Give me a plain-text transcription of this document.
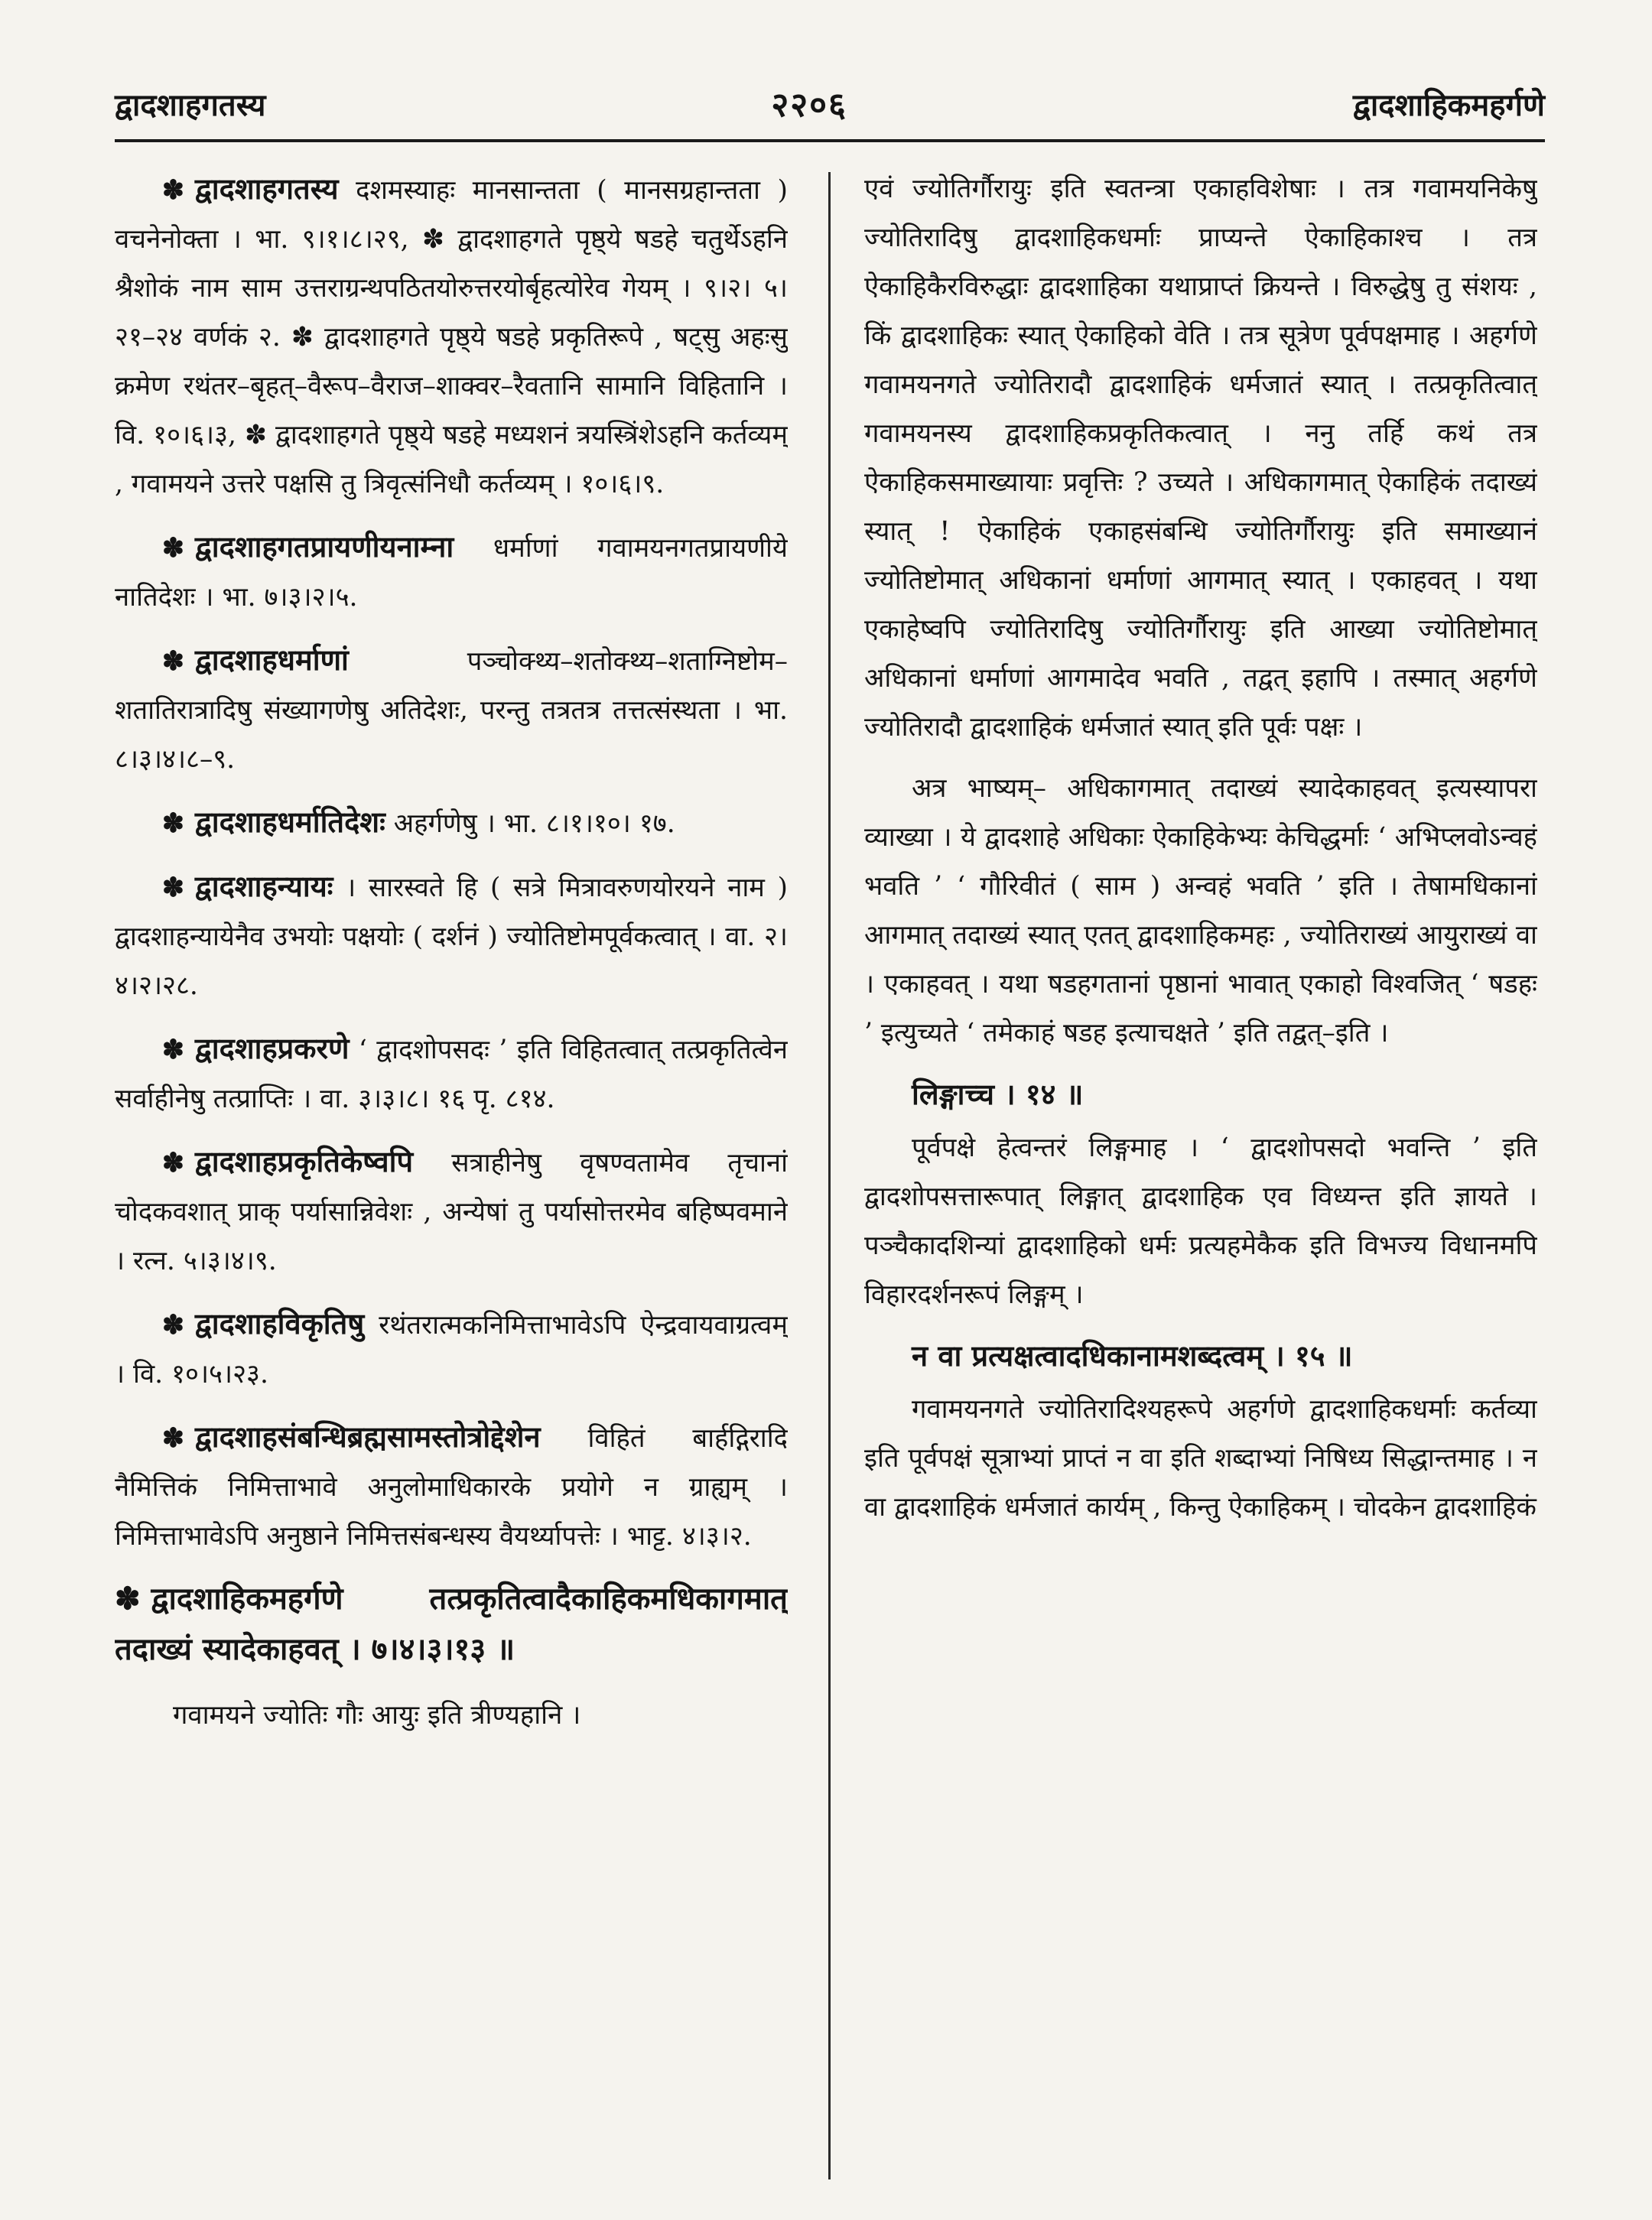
द्वादशाहगतस्य	२२०६	द्वादशाहिकमहर्गणे

✽ द्वादशाहगतस्य दशमस्याहः मानसान्तता ( मानसग्रहान्तता ) वचनेनोक्ता । भा. ९।१।८।२९, ✽ द्वादशाहगते पृष्ठ्ये षडहे चतुर्थेऽहनि श्रैशोकं नाम साम उत्तराग्रन्थपठितयोरुत्तरयोर्बृहत्योरेव गेयम् । ९।२। ५।२१–२४ वर्णकं २. ✽ द्वादशाहगते पृष्ठ्ये षडहे प्रकृतिरूपे , षट्सु अहःसु क्रमेण रथंतर–बृहत्–वैरूप–वैराज–शाक्वर–रैवतानि सामानि विहितानि । वि. १०।६।३, ✽ द्वादशाहगते पृष्ठ्ये षडहे मध्यशनं त्रयस्त्रिंशेऽहनि कर्तव्यम् , गवामयने उत्तरे पक्षसि तु त्रिवृत्संनिधौ कर्तव्यम् । १०।६।९.

✽ द्वादशाहगतप्रायणीयनाम्ना धर्माणां गवामयनगतप्रायणीये नातिदेशः । भा. ७।३।२।५.

✽ द्वादशाहधर्माणां	पञ्चोक्थ्य–शतोक्थ्य–शताग्निष्टोम–शतातिरात्रादिषु संख्यागणेषु अतिदेशः, परन्तु तत्रतत्र तत्तत्संस्थता । भा. ८।३।४।८–९.

✽ द्वादशाहधर्मातिदेशः अहर्गणेषु । भा. ८।१।१०। १७.

✽ द्वादशाहन्यायः । सारस्वते हि ( सत्रे मित्रावरुणयोरयने नाम ) द्वादशाहन्यायेनैव उभयोः पक्षयोः ( दर्शनं ) ज्योतिष्टोमपूर्वकत्वात् । वा. २।४।२।२८.

✽ द्वादशाहप्रकरणे ‘ द्वादशोपसदः ’ इति विहितत्वात् तत्प्रकृतित्वेन सर्वाहीनेषु तत्प्राप्तिः । वा. ३।३।८। १६ पृ. ८१४.

✽ द्वादशाहप्रकृतिकेष्वपि सत्राहीनेषु वृषण्वतामेव तृचानां चोदकवशात् प्राक् पर्यासान्निवेशः , अन्येषां तु पर्यासोत्तरमेव बहिष्पवमाने । रत्न. ५।३।४।९.

✽ द्वादशाहविकृतिषु रथंतरात्मकनिमित्ताभावेऽपि ऐन्द्रवायवाग्रत्वम् । वि. १०।५।२३.

✽ द्वादशाहसंबन्धिब्रह्मसामस्तोत्रोद्देशेन विहितं बार्हद्गिरादि नैमित्तिकं निमित्ताभावे अनुलोमाधिकारके प्रयोगे न ग्राह्यम् । निमित्ताभावेऽपि अनुष्ठाने निमित्तसंबन्धस्य वैयर्थ्यापत्तेः । भाट्ट. ४।३।२.

✽ द्वादशाहिकमहर्गणे	तत्प्रकृतित्वादैकाहिकमधिकागमात् तदाख्यं स्यादेकाहवत् । ७।४।३।१३ ॥

गवामयने ज्योतिः गौः आयुः इति त्रीण्यहानि ।

एवं ज्योतिर्गौरायुः इति स्वतन्त्रा एकाहविशेषाः । तत्र गवामयनिकेषु ज्योतिरादिषु द्वादशाहिकधर्माः प्राप्यन्ते ऐकाहिकाश्च । तत्र ऐकाहिकैरविरुद्धाः द्वादशाहिका यथाप्राप्तं क्रियन्ते । विरुद्धेषु तु संशयः , किं द्वादशाहिकः स्यात् ऐकाहिको वेति । तत्र सूत्रेण पूर्वपक्षमाह । अहर्गणे गवामयनगते ज्योतिरादौ द्वादशाहिकं धर्मजातं स्यात् । तत्प्रकृतित्वात् गवामयनस्य द्वादशाहिकप्रकृतिकत्वात् । ननु तर्हि कथं तत्र ऐकाहिकसमाख्यायाः प्रवृत्तिः ? उच्यते । अधिकागमात् ऐकाहिकं तदाख्यं स्यात् ! ऐकाहिकं एकाहसंबन्धि ज्योतिर्गौरायुः इति समाख्यानं ज्योतिष्टोमात् अधिकानां धर्माणां आगमात् स्यात् । एकाहवत् । यथा एकाहेष्वपि ज्योतिरादिषु ज्योतिर्गौरायुः इति आख्या ज्योतिष्टोमात् अधिकानां धर्माणां आगमादेव भवति , तद्वत् इहापि । तस्मात् अहर्गणे ज्योतिरादौ द्वादशाहिकं धर्मजातं स्यात् इति पूर्वः पक्षः ।

अत्र भाष्यम्– अधिकागमात् तदाख्यं स्यादेकाहवत् इत्यस्यापरा व्याख्या । ये द्वादशाहे अधिकाः ऐकाहिकेभ्यः केचिद्धर्माः ‘ अभिप्लवोऽन्वहं भवति ’ ‘ गौरिवीतं ( साम ) अन्वहं भवति ’ इति । तेषामधिकानां आगमात् तदाख्यं स्यात् एतत् द्वादशाहिकमहः , ज्योतिराख्यं आयुराख्यं वा । एकाहवत् । यथा षडहगतानां पृष्ठानां भावात् एकाहो विश्वजित् ‘ षडहः ’ इत्युच्यते ‘ तमेकाहं षडह इत्याचक्षते ’ इति तद्वत्–इति ।

लिङ्गाच्च । १४ ॥

पूर्वपक्षे हेत्वन्तरं लिङ्गमाह । ‘ द्वादशोपसदो भवन्ति ’ इति द्वादशोपसत्तारूपात् लिङ्गात् द्वादशाहिक एव विध्यन्त इति ज्ञायते । पञ्चैकादशिन्यां द्वादशाहिको धर्मः प्रत्यहमेकैक इति विभज्य विधानमपि विहारदर्शनरूपं लिङ्गम् ।

न वा प्रत्यक्षत्वादधिकानामशब्दत्वम् । १५ ॥

गवामयनगते ज्योतिरादिश्यहरूपे अहर्गणे द्वादशाहिकधर्माः कर्तव्या इति पूर्वपक्षं सूत्राभ्यां प्राप्तं न वा इति शब्दाभ्यां निषिध्य सिद्धान्तमाह । न वा द्वादशाहिकं धर्मजातं कार्यम् , किन्तु ऐकाहिकम् । चोदकेन द्वादशाहिकं
